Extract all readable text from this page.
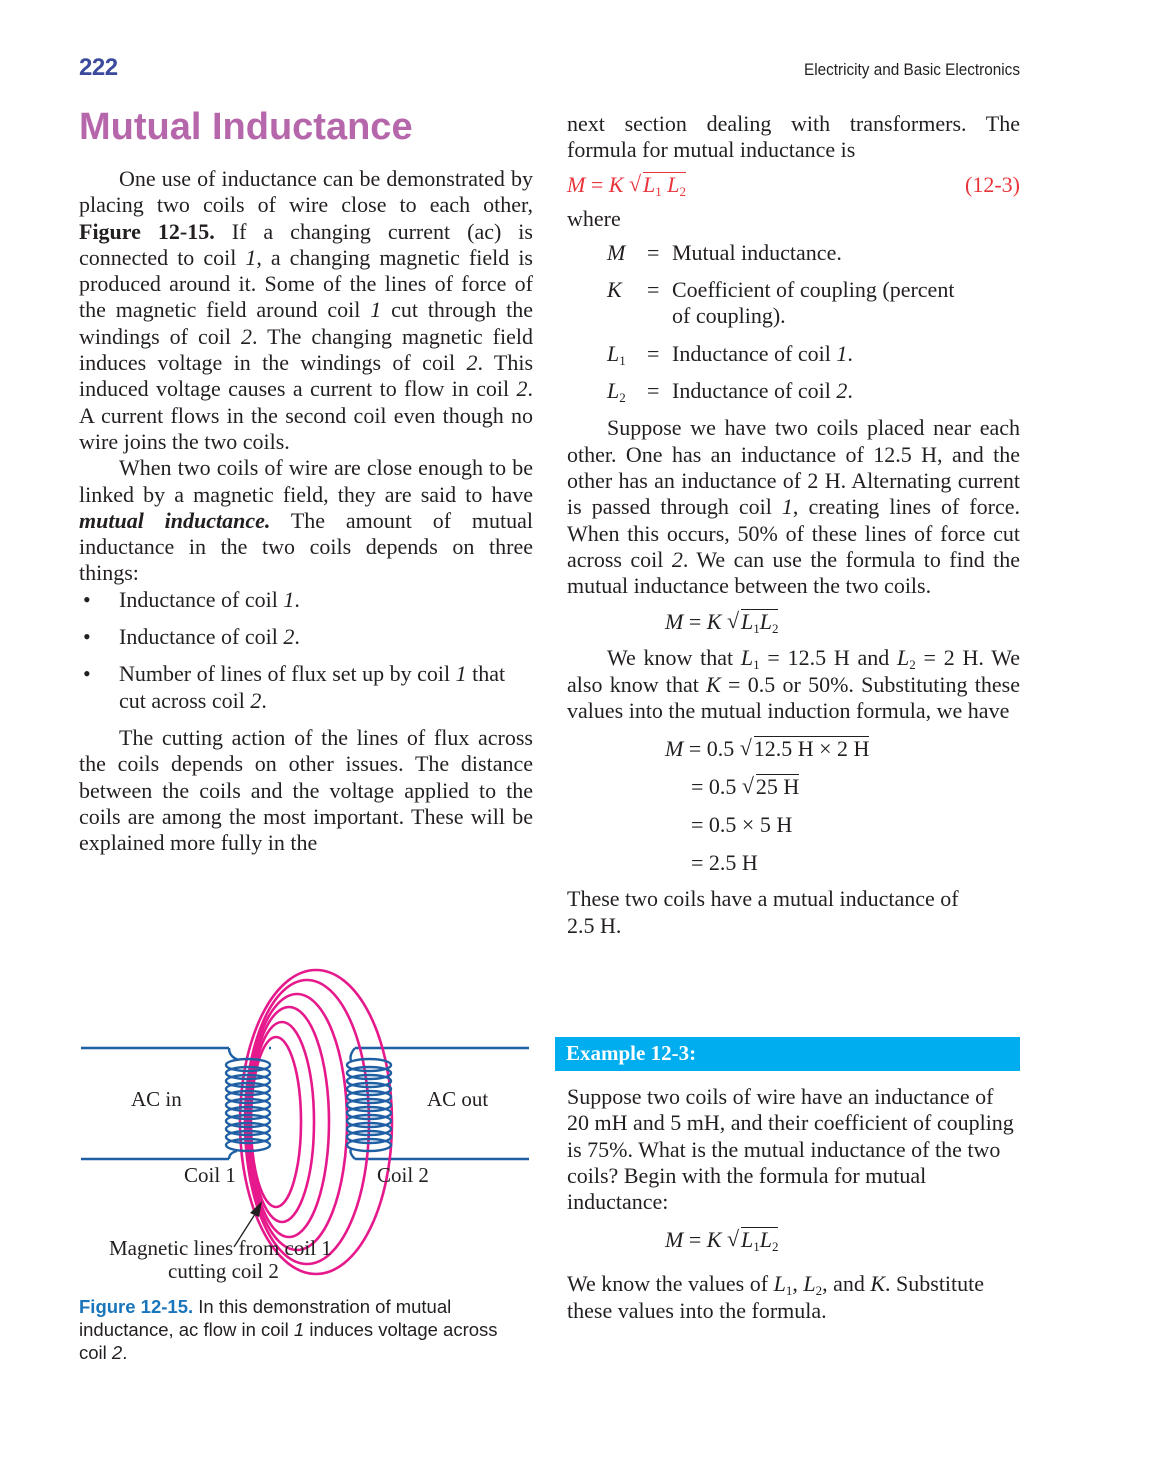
222	Electricity and Basic Electronics
Mutual Inductance

One use of inductance can be demonstrated by placing two coils of wire close to each other, Figure 12-15. If a changing current (ac) is connected to coil 1, a changing magnetic field is produced around it. Some of the lines of force of the magnetic field around coil 1 cut through the windings of coil 2. The changing magnetic field induces voltage in the windings of coil 2. This induced voltage causes a current to flow in coil 2. A current flows in the second coil even though no wire joins the two coils.

When two coils of wire are close enough to be linked by a magnetic field, they are said to have mutual inductance. The amount of mutual inductance in the two coils depends on three things:

• Inductance of coil 1.
• Inductance of coil 2.
• Number of lines of flux set up by coil 1 that cut across coil 2.

The cutting action of the lines of flux across the coils depends on other issues. The distance between the coils and the voltage applied to the coils are among the most important. These will be explained more fully in the

AC in	AC out
Coil 1	Coil 2
Magnetic lines from coil 1
cutting coil 2
Figure 12-15. In this demonstration of mutual inductance, ac flow in coil 1 induces voltage across coil 2.

next section dealing with transformers. The formula for mutual inductance is

M = K √ $L_1$ $L_2$	(12-3)

where

M = Mutual inductance.
K	= Coefficient of coupling (percent of coupling).
$L_1$ = Inductance of coil 1.
$L_2$ = Inductance of coil 2.

Suppose we have two coils placed near each other. One has an inductance of 12.5 H, and the other has an inductance of 2 H. Alternating current is passed through coil 1, creating lines of force. When this occurs, 50% of these lines of force cut across coil 2. We can use the formula to find the mutual inductance between the two coils.

M = K √ $L_1L_2$

We know that $L_1 = 12.5$ H and $L_2 = 2$ H. We also know that K = 0.5 or 50%. Substituting these values into the mutual induction formula, we have

M = 0.5 √ 12.5 H × 2 H
= 0.5 √ 25 H
= 0.5 × 5 H
= 2.5 H

These two coils have a mutual inductance of 2.5 H.

Example 12-3:

Suppose two coils of wire have an inductance of 20 mH and 5 mH, and their coefficient of coupling is 75%. What is the mutual inductance of the two coils? Begin with the formula for mutual inductance:

M = K √ $L_1L_2$

We know the values of $L_1$, $L_2$, and K. Substitute these values into the formula.
